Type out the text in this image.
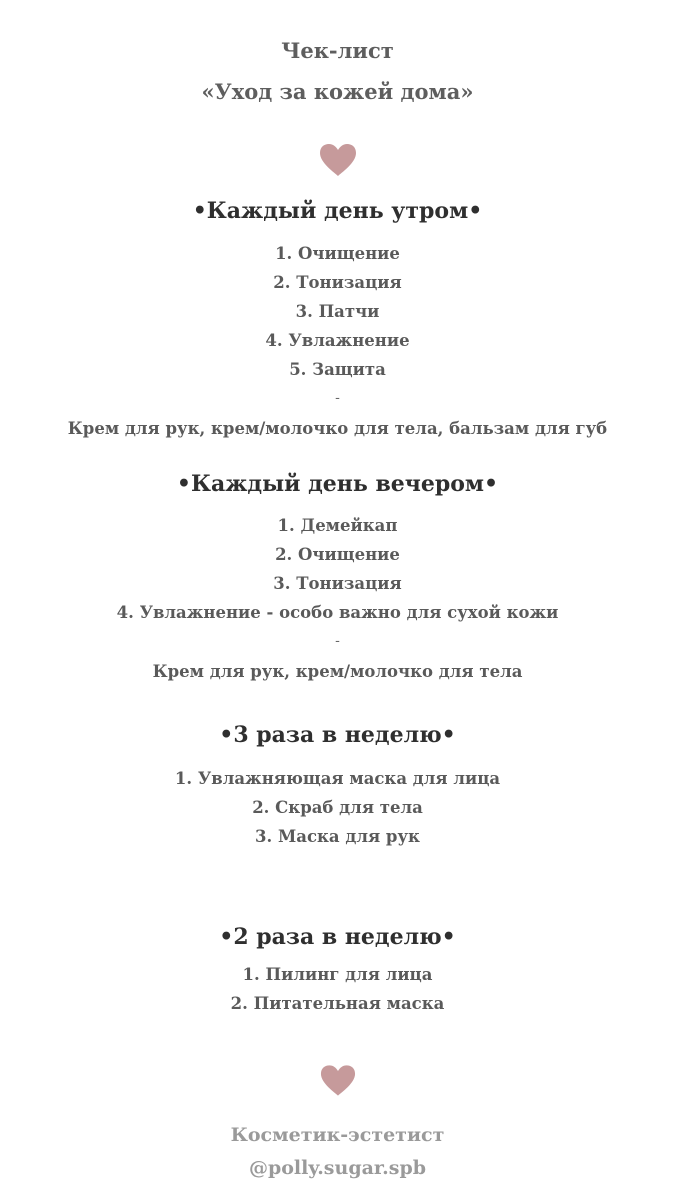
Чек-лист
«Уход за кожей дома»
•Каждый день утром•
1. Очищение
2. Тонизация
3. Патчи
4. Увлажнение
5. Защита
-
Крем для рук, крем/молочко для тела, бальзам для губ
•Каждый день вечером•
1. Демейкап
2. Очищение
3. Тонизация
4. Увлажнение - особо важно для сухой кожи
-
Крем для рук, крем/молочко для тела
•3 раза в неделю•
1. Увлажняющая маска для лица
2. Скраб для тела
3. Маска для рук
•2 раза в неделю•
1. Пилинг для лица
2. Питательная маска
Косметик-эстетист
@polly.sugar.spb
